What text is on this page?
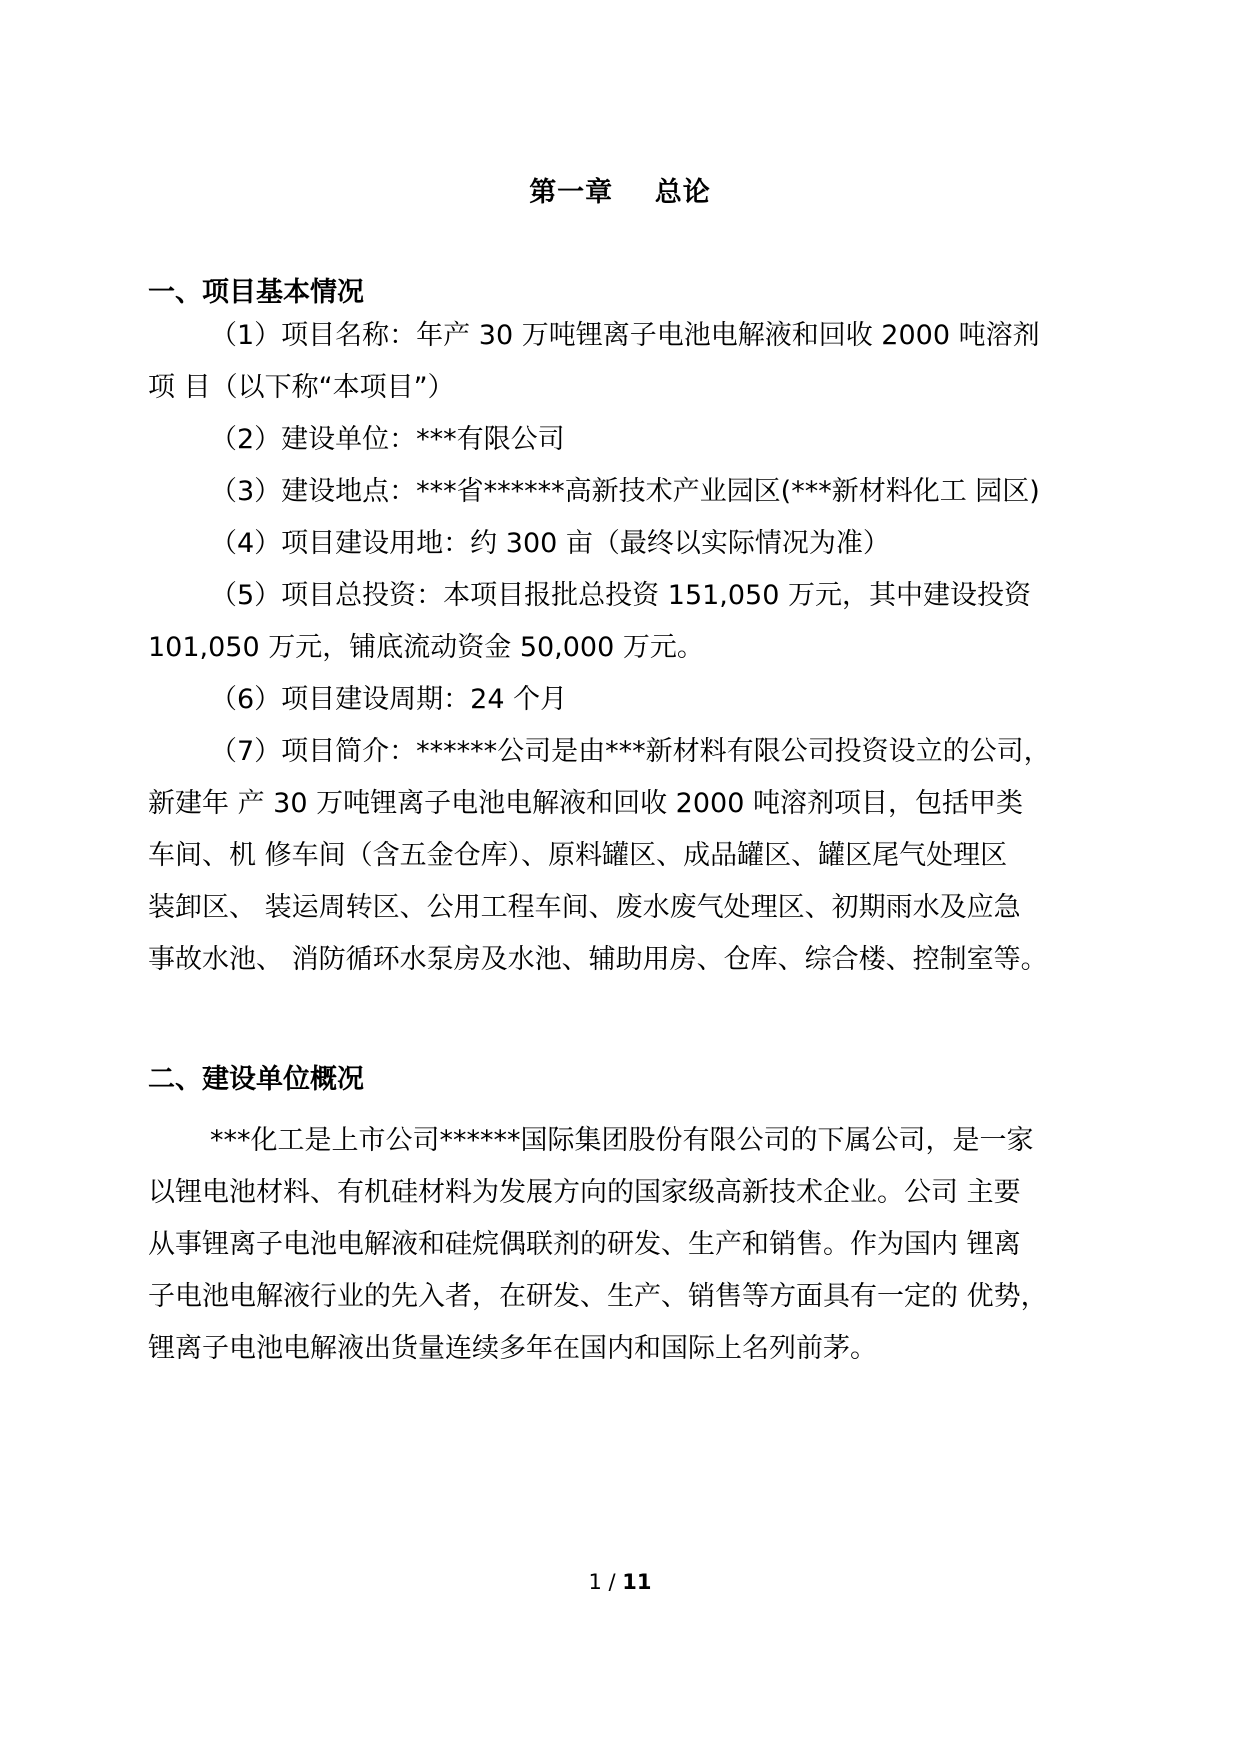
第一章    总论
一、项目基本情况
（1）项目名称：年产 30 万吨锂离子电池电解液和回收 2000 吨溶剂
项 目（以下称“本项目”）
（2）建设单位：***有限公司
（3）建设地点：***省******高新技术产业园区(***新材料化工 园区)
（4）项目建设用地：约 300 亩（最终以实际情况为准）
（5）项目总投资：本项目报批总投资 151,050 万元，其中建设投资
101,050 万元，铺底流动资金 50,000 万元。
（6）项目建设周期：24 个月
（7）项目简介：******公司是由***新材料有限公司投资设立的公司，
新建年 产 30 万吨锂离子电池电解液和回收 2000 吨溶剂项目，包括甲类
车间、机 修车间（含五金仓库）、原料罐区、成品罐区、罐区尾气处理区
装卸区、 装运周转区、公用工程车间、废水废气处理区、初期雨水及应急
事故水池、 消防循环水泵房及水池、辅助用房、仓库、综合楼、控制室等。
二、建设单位概况
***化工是上市公司******国际集团股份有限公司的下属公司，是一家
以锂电池材料、有机硅材料为发展方向的国家级高新技术企业。公司 主要
从事锂离子电池电解液和硅烷偶联剂的研发、生产和销售。作为国内 锂离
子电池电解液行业的先入者，在研发、生产、销售等方面具有一定的 优势，
锂离子电池电解液出货量连续多年在国内和国际上名列前茅。
1 / 11
